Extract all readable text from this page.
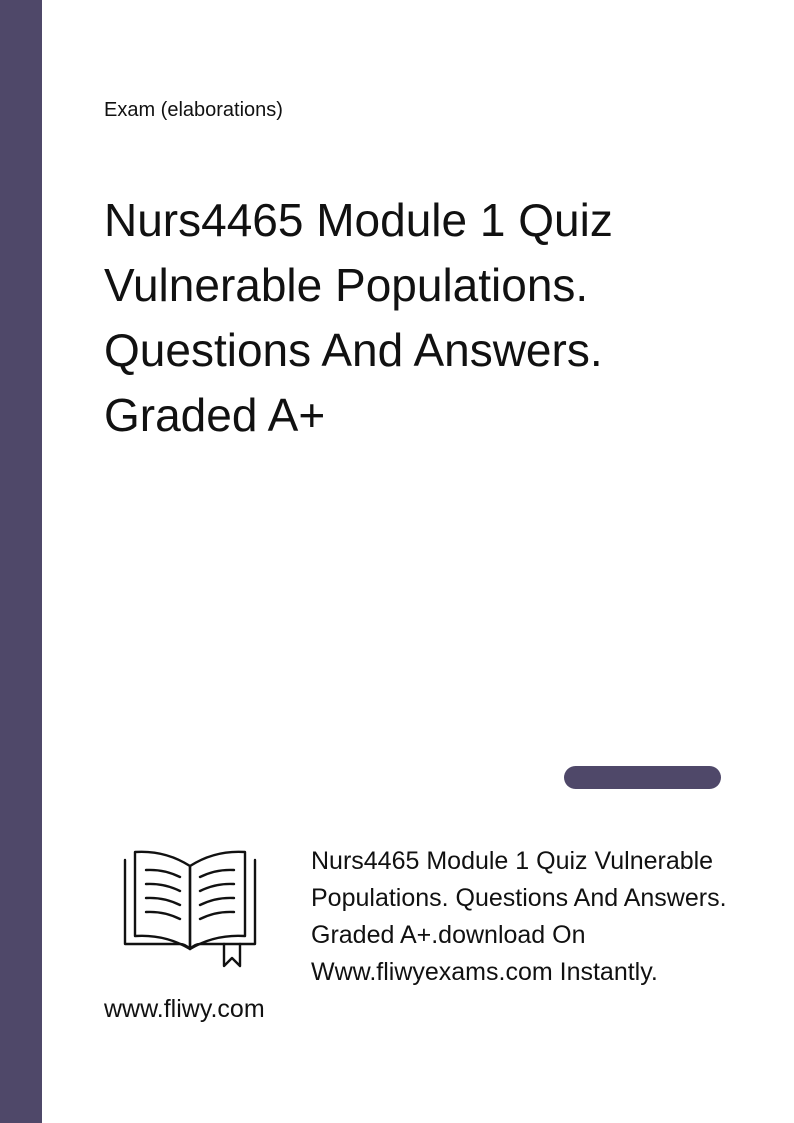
Exam (elaborations)
Nurs4465 Module 1 Quiz Vulnerable Populations. Questions And Answers. Graded A+
Nurs4465 Module 1 Quiz Vulnerable Populations. Questions And Answers. Graded A+.download On Www.fliwyexams.com Instantly.
www.fliwy.com
